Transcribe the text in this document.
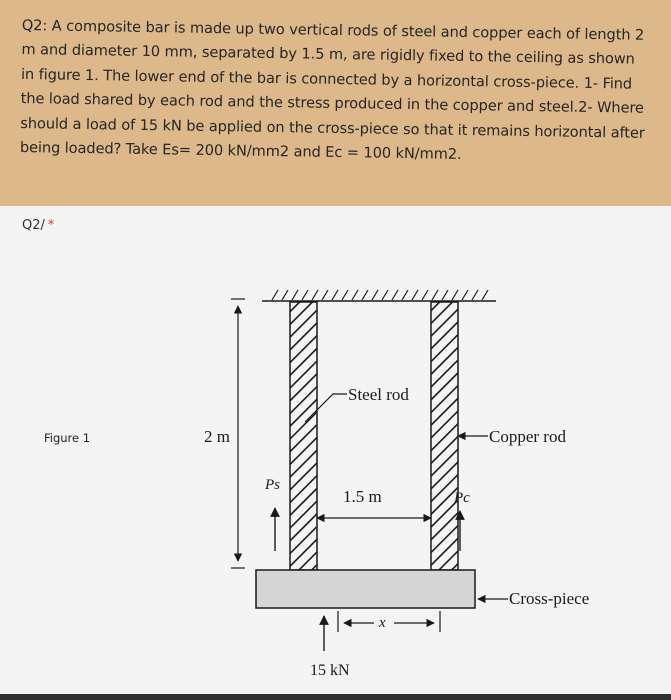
Q2: A composite bar is made up two vertical rods of steel and copper each of length 2 m and diameter 10 mm, separated by 1.5 m, are rigidly fixed to the ceiling as shown in figure 1. The lower end of the bar is connected by a horizontal cross-piece. 1- Find the load shared by each rod and the stress produced in the copper and steel.2- Where should a load of 15 kN be applied on the cross-piece so that it remains horizontal after being loaded? Take Es= 200 kN/mm2 and Ec = 100 kN/mm2.

Q2/ *
Figure 1	2 m
Steel rod
Copper rod
1.5 m
Ps
Pc
Cross-piece
x
15 kN
